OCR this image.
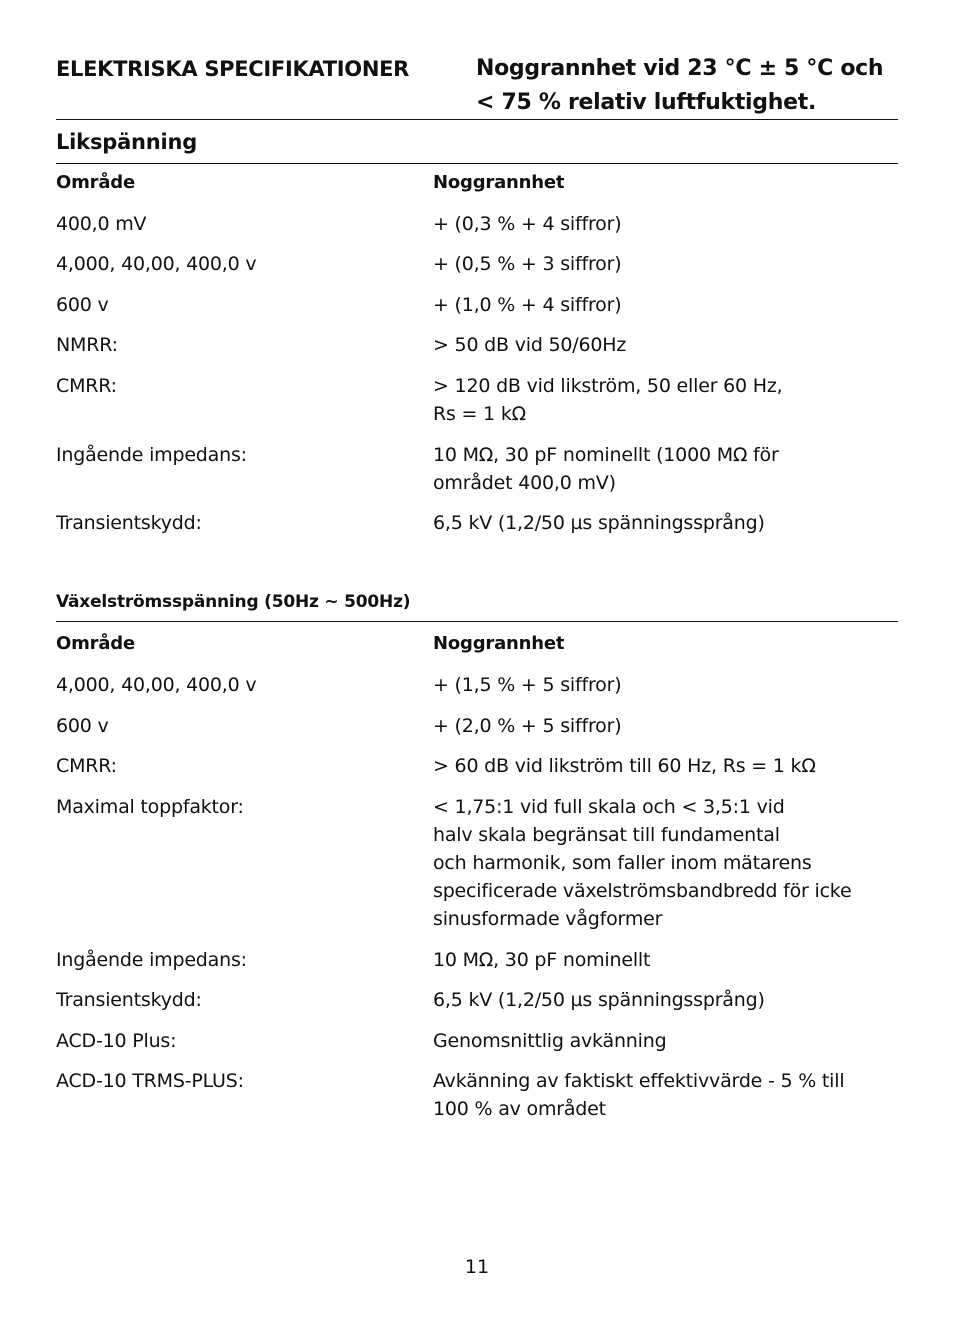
ELEKTRISKA SPECIFIKATIONER	Noggrannhet vid 23 °C ± 5 °C och
< 75 % relativ luftfuktighet.
Likspänning
Område	Noggrannhet
400,0 mV	+ (0,3 % + 4 siffror)
4,000, 40,00, 400,0 v	+ (0,5 % + 3 siffror)
600 v	+ (1,0 % + 4 siffror)
NMRR:	> 50 dB vid 50/60Hz
CMRR:	> 120 dB vid likström, 50 eller 60 Hz,
Rs = 1 kΩ
Ingående impedans:	10 MΩ, 30 pF nominellt (1000 MΩ för
området 400,0 mV)
Transientskydd:	6,5 kV (1,2/50 µs spänningssprång)
Växelströmsspänning (50Hz ~ 500Hz)
Område	Noggrannhet
4,000, 40,00, 400,0 v	+ (1,5 % + 5 siffror)
600 v	+ (2,0 % + 5 siffror)
CMRR:	> 60 dB vid likström till 60 Hz, Rs = 1 kΩ
Maximal toppfaktor:	< 1,75:1 vid full skala och < 3,5:1 vid
halv skala begränsat till fundamental
och harmonik, som faller inom mätarens
specificerade växelströmsbandbredd för icke
sinusformade vågformer
Ingående impedans:	10 MΩ, 30 pF nominellt
Transientskydd:	6,5 kV (1,2/50 µs spänningssprång)
ACD-10 Plus:	Genomsnittlig avkänning
ACD-10 TRMS-PLUS:	Avkänning av faktiskt effektivvärde - 5 % till
100 % av området
11
